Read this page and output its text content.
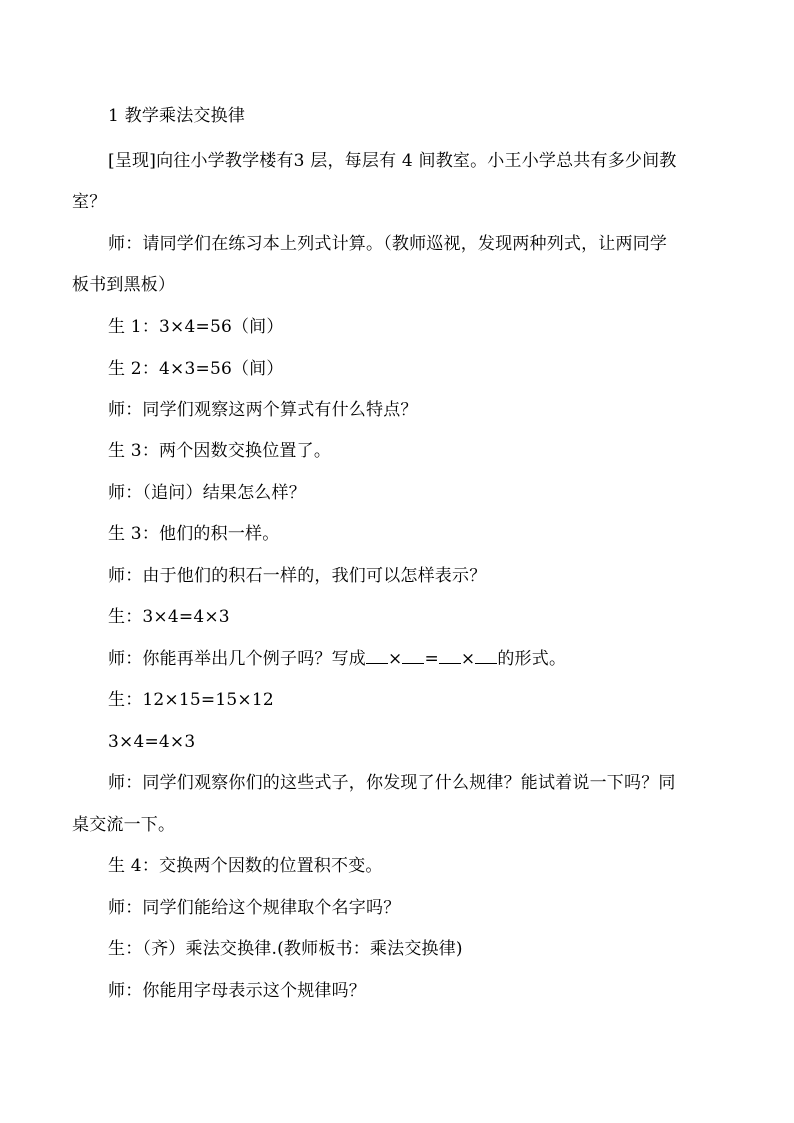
1 教学乘法交换律
[呈现]向往小学教学楼有3 层，每层有 4 间教室。小王小学总共有多少间教
室？
师：请同学们在练习本上列式计算。（教师巡视，发现两种列式，让两同学
板书到黑板）
生 1：3×4=56（间）
生 2：4×3=56（间）
师：同学们观察这两个算式有什么特点？
生 3：两个因数交换位置了。
师：（追问）结果怎么样？
生 3：他们的积一样。
师：由于他们的积石一样的，我们可以怎样表示？
生：3×4=4×3
师：你能再举出几个例子吗？写成 × = × 的形式。
生：12×15=15×12
3×4=4×3
师：同学们观察你们的这些式子，你发现了什么规律？能试着说一下吗？同
桌交流一下。
生 4：交换两个因数的位置积不变。
师：同学们能给这个规律取个名字吗？
生：（齐）乘法交换律.(教师板书：乘法交换律)
师：你能用字母表示这个规律吗？
